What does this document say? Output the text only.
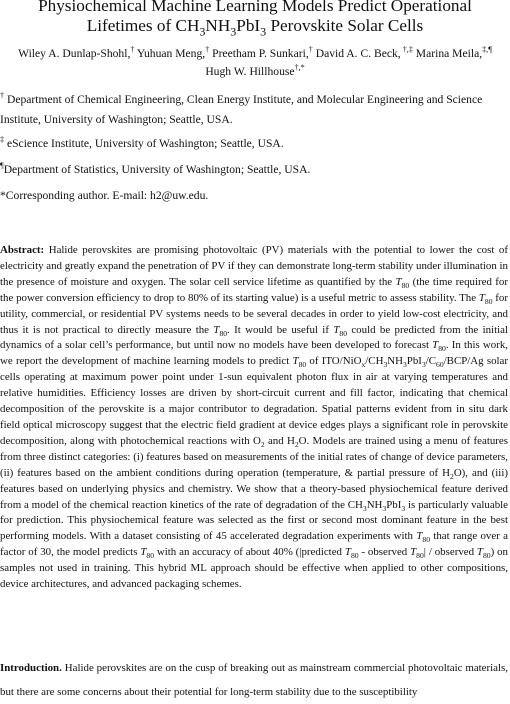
Physiochemical Machine Learning Models Predict Operational
Lifetimes of $CH_3NH_3PbI_3$ Perovskite Solar Cells
Wiley A. Dunlap-Shohl,† Yuhuan Meng,† Preetham P. Sunkari,† David A. C. Beck, †,‡ Marina Meila,‡,¶ Hugh W. Hillhouse†,*

† Department of Chemical Engineering, Clean Energy Institute, and Molecular Engineering and Science Institute, University of Washington; Seattle, USA.

‡ eScience Institute, University of Washington; Seattle, USA.

¶Department of Statistics, University of Washington; Seattle, USA.

*Corresponding author. E-mail: h2@uw.edu.

Abstract: Halide perovskites are promising photovoltaic (PV) materials with the potential to lower the cost of electricity and greatly expand the penetration of PV if they can demonstrate long-term stability under illumination in the presence of moisture and oxygen. The solar cell service lifetime as quantified by the $T_{80}$ (the time required for the power conversion efficiency to drop to 80% of its starting value) is a useful metric to assess stability. The $T_{80}$ for utility, commercial, or residential PV systems needs to be several decades in order to yield low-cost electricity, and thus it is not practical to directly measure the $T_{80}$. It would be useful if $T_{80}$ could be predicted from the initial dynamics of a solar cell’s performance, but until now no models have been developed to forecast $T_{80}$. In this work, we report the development of machine learning models to predict $T_{80}$ of ITO/$NiO_x/CH_3NH_3PbI_3/C_{60}/BCP/Ag$ solar cells operating at maximum power point under 1-sun equivalent photon flux in air at varying temperatures and relative humidities. Efficiency losses are driven by short-circuit current and fill factor, indicating that chemical decomposition of the perovskite is a major contributor to degradation. Spatial patterns evident from in situ dark field optical microscopy suggest that the electric field gradient at device edges plays a significant role in perovskite decomposition, along with photochemical reactions with $O_2$ and $H_2O$. Models are trained using a menu of features from three distinct categories: (i) features based on measurements of the initial rates of change of device parameters, (ii) features based on the ambient conditions during operation (temperature, & partial pressure of $H_2O$), and (iii) features based on underlying physics and chemistry. We show that a theory-based physiochemical feature derived from a model of the chemical reaction kinetics of the rate of degradation of the $CH_3NH_3PbI_3$ is particularly valuable for prediction. This physiochemical feature was selected as the first or second most dominant feature in the best performing models. With a dataset consisting of 45 accelerated degradation experiments with $T_{80}$ that range over a factor of 30, the model predicts $T_{80}$ with an accuracy of about 40% (|predicted $T_{80}$ - observed $T_{80}|$ / observed $T_{80}$) on samples not used in training. This hybrid ML approach should be effective when applied to other compositions, device architectures, and advanced packaging schemes.

Introduction. Halide perovskites are on the cusp of breaking out as mainstream commercial photovoltaic materials, but there are some concerns about their potential for long-term stability due to the susceptibility
